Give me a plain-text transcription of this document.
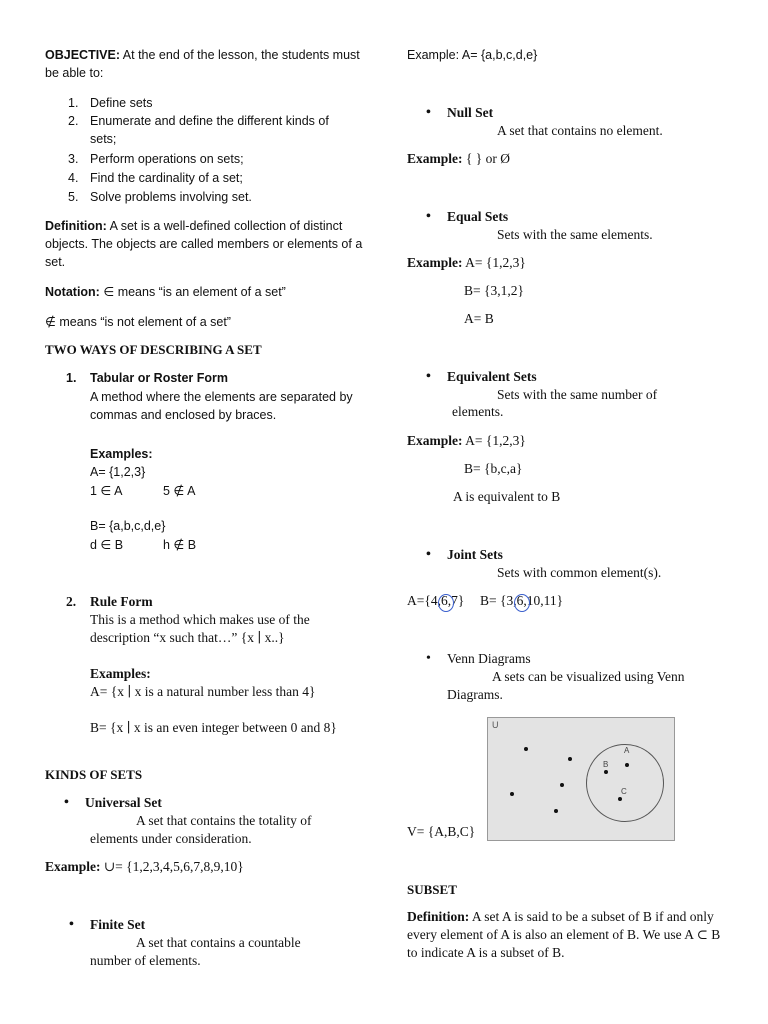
OBJECTIVE: At the end of the lesson, the students must be able to:
1. Define sets
2. Enumerate and define the different kinds of sets;
3. Perform operations on sets;
4. Find the cardinality of a set;
5. Solve problems involving set.
Definition: A set is a well-defined collection of distinct objects. The objects are called members or elements of a set.
Notation: ∈ means “is an element of a set”
∉ means “is not element of a set”
TWO WAYS OF DESCRIBING A SET
1. Tabular or Roster Form
A method where the elements are separated by commas and enclosed by braces.
Examples:
A= {1,2,3}
1 ∈ A	5 ∉ A
B= {a,b,c,d,e}
d ∈ B	h ∉ B
2. Rule Form
This is a method which makes use of the description “x such that…” {x ∣ x..}
Examples:
A= {x ∣ x is a natural number less than 4}
B= {x ∣ x is an even integer between 0 and 8}
KINDS OF SETS
• Universal Set
A set that contains the totality of elements under consideration.
Example: ∪= {1,2,3,4,5,6,7,8,9,10}
• Finite Set
A set that contains a countable number of elements.
Example: A= {a,b,c,d,e}
• Null Set
A set that contains no element.
Example: { } or Ø
• Equal Sets
Sets with the same elements.
Example: A= {1,2,3}
B= {3,1,2}
A= B
• Equivalent Sets
Sets with the same number of
elements.
Example: A= {1,2,3}
B= {b,c,a}
A is equivalent to B
• Joint Sets
Sets with common element(s).
A={4,
6,7} B= {3,
6,10,11}
• Venn Diagrams
A sets can be visualized using Venn Diagrams.
U
A
B
C
V= {A,B,C}
SUBSET
Definition: A set A is said to be a subset of B if and only every element of A is also an element of B. We use A ⊂ B to indicate A is a subset of B.
